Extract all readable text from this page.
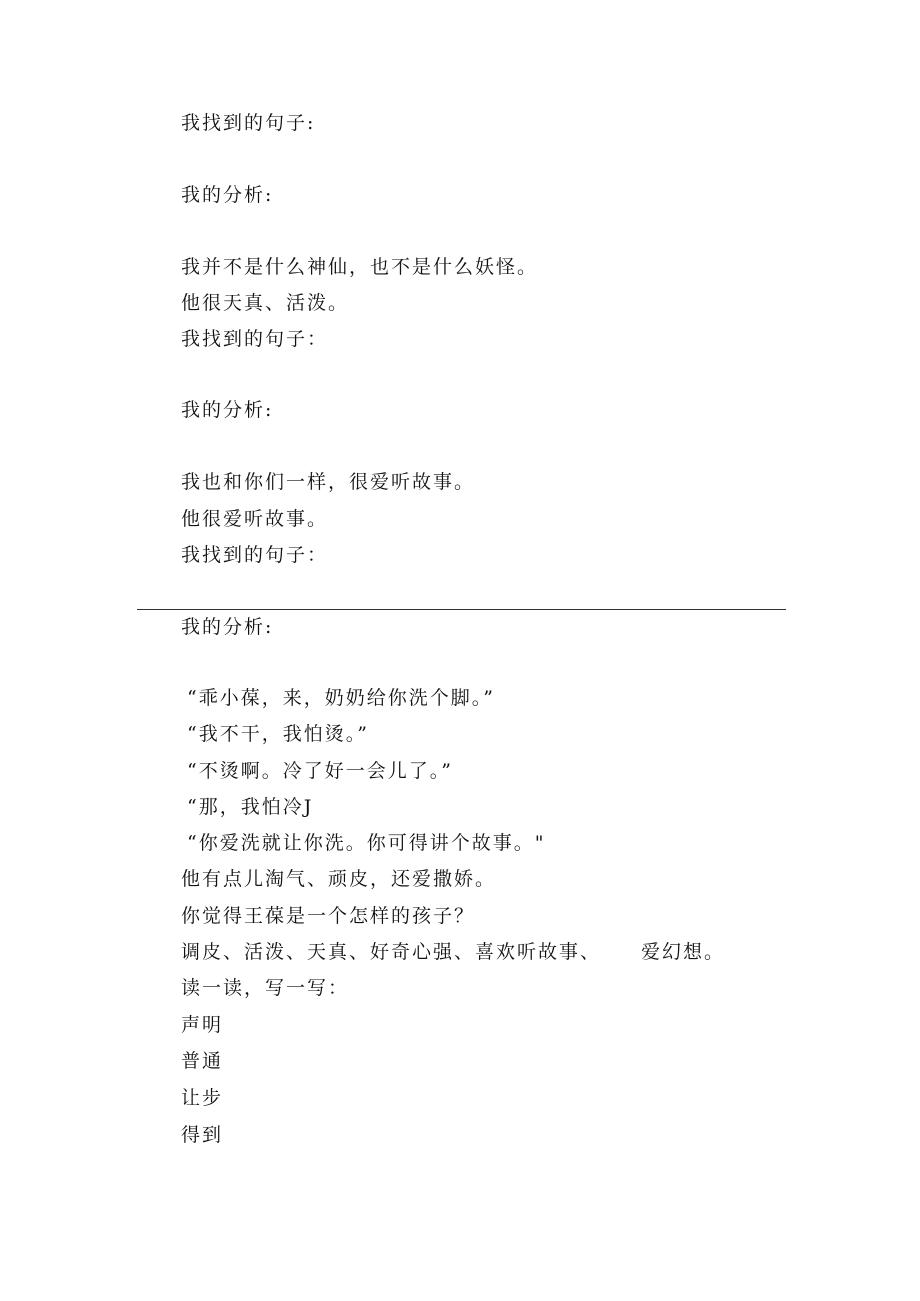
我找到的句子:
我的分析:
我并不是什么神仙，也不是什么妖怪。
他很天真、活泼。
我找到的句子：
我的分析:
我也和你们一样，很爱听故事。
他很爱听故事。
我找到的句子：
我的分析:
“乖小葆，来，奶奶给你洗个脚。”
“我不干，我怕烫。”
“不烫啊。冷了好一会儿了。”
“那，我怕冷J
“你爱洗就让你洗。你可得讲个故事。"
他有点儿淘气、顽皮，还爱撒娇。
你觉得王葆是一个怎样的孩子？
调皮、活泼、天真、好奇心强、喜欢听故事、 爱幻想。
读一读，写一写：
声明
普通
让步
得到
